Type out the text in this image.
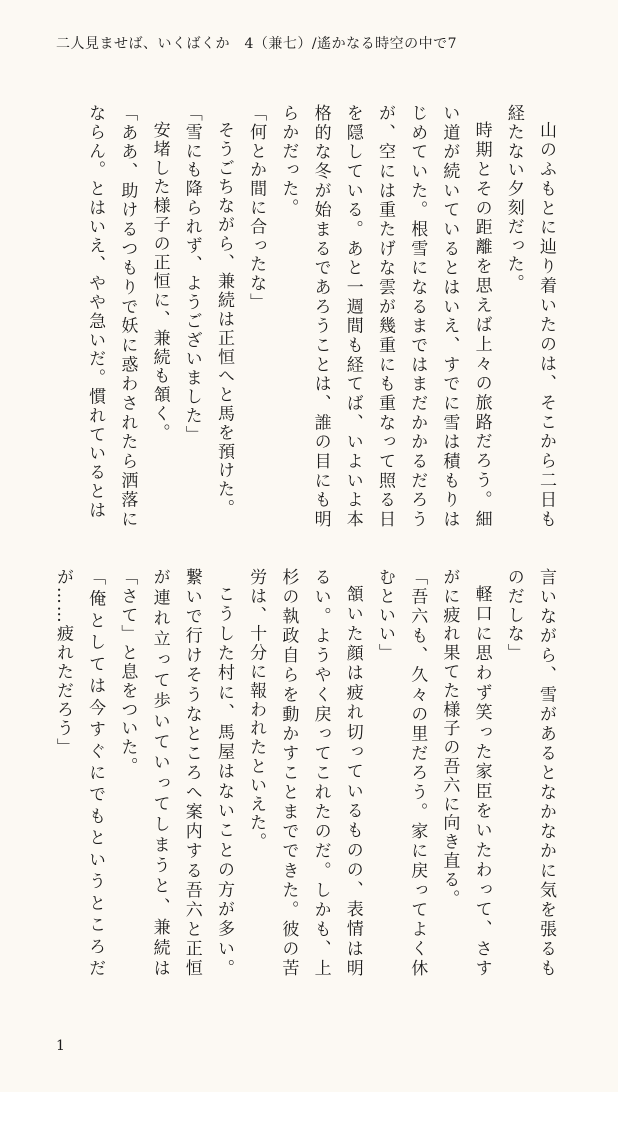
二人見ませば、いくばくか　4（兼七）/遙かなる時空の中で7

山のふもとに辿り着いたのは、そこから二日も経たない夕刻だった。

時期とその距離を思えば上々の旅路だろう。細い道が続いているとはいえ、すでに雪は積もりはじめていた。根雪になるまではまだかかるだろうが、空には重たげな雲が幾重にも重なって照る日を隠している。あと一週間も経てば、いよいよ本格的な冬が始まるであろうことは、誰の目にも明らかだった。

「何とか間に合ったな」

そうごちながら、兼続は正恒へと馬を預けた。

「雪にも降られず、ようございました」

安堵した様子の正恒に、兼続も頷く。

「ああ、助けるつもりで妖に惑わされたら洒落にならん。とはいえ、やや急いだ。慣れているとは

言いながら、雪があるとなかなかに気を張るものだしな」

軽口に思わず笑った家臣をいたわって、さすがに疲れ果てた様子の吾六に向き直る。

「吾六も、久々の里だろう。家に戻ってよく休むといい」

頷いた顔は疲れ切っているものの、表情は明るい。ようやく戻ってこれたのだ。しかも、上杉の執政自らを動かすことまでできた。彼の苦労は、十分に報われたといえた。

こうした村に、馬屋はないことの方が多い。繋いで行けそうなところへ案内する吾六と正恒が連れ立って歩いていってしまうと、兼続は「さて」と息をついた。

「俺としては今すぐにでもというところだが……疲れただろう」

1
